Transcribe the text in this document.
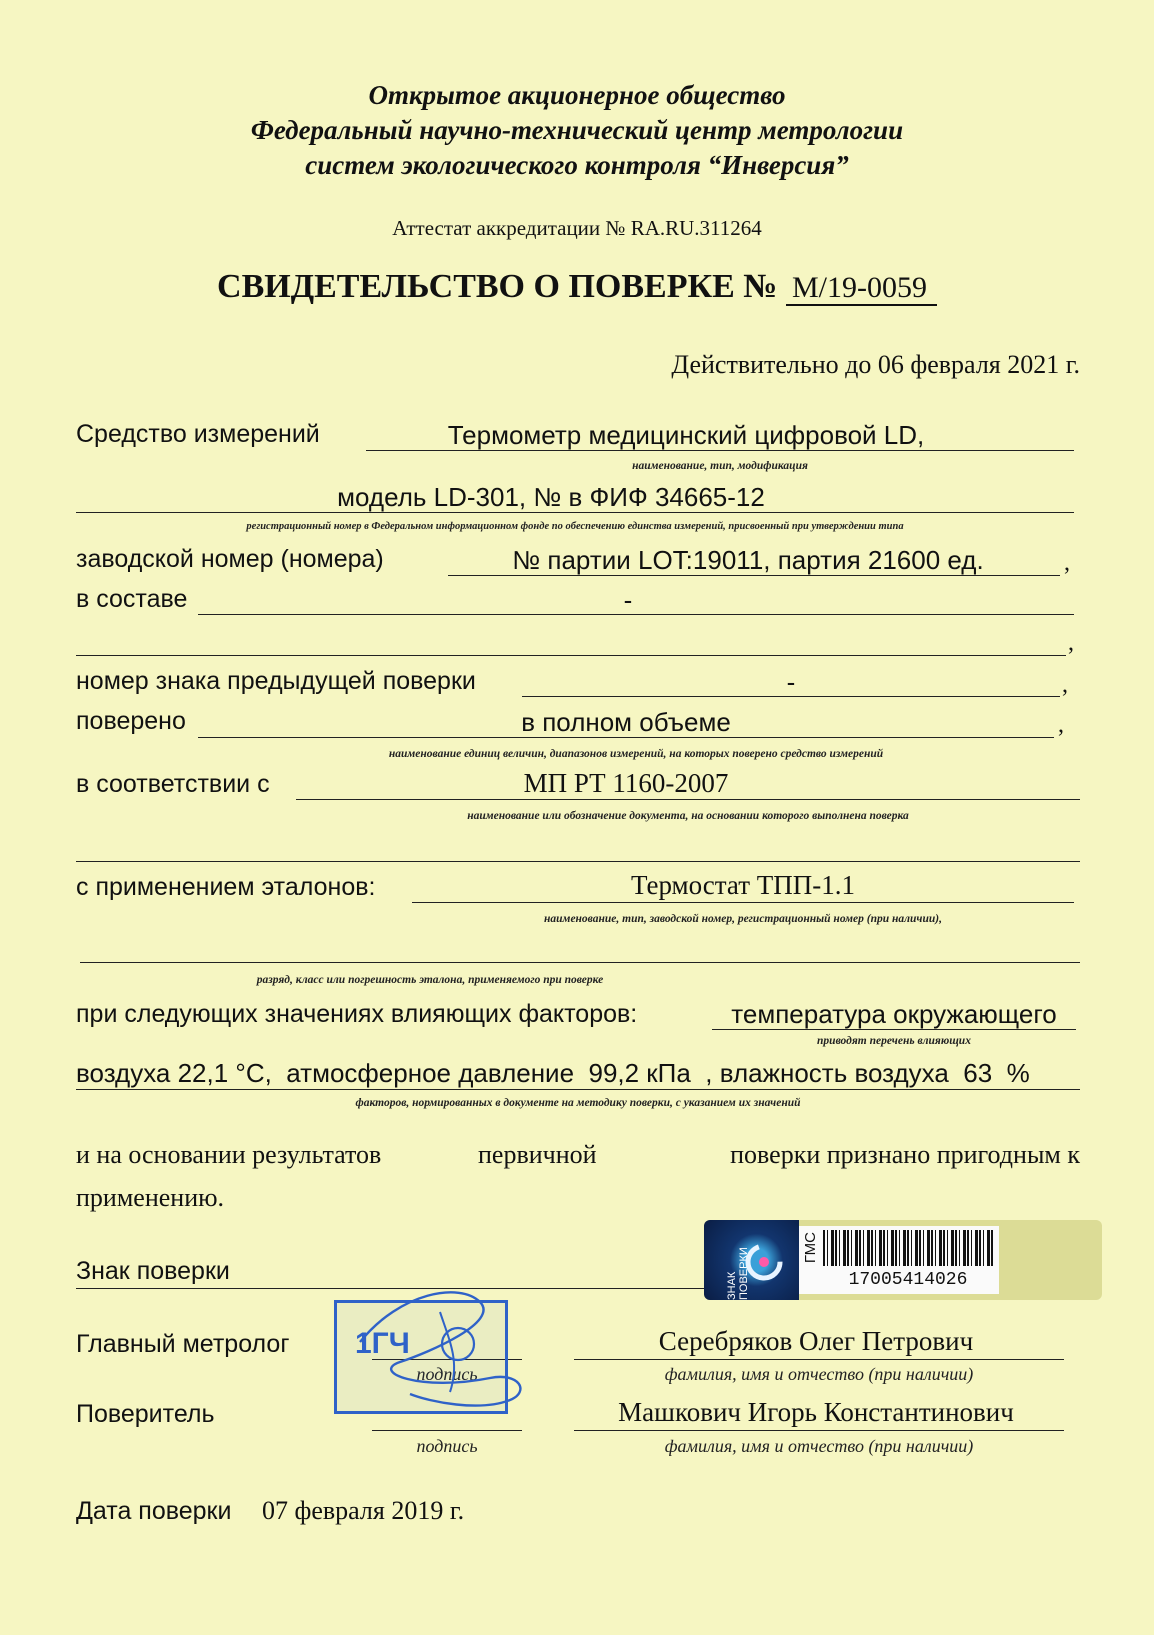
Открытое акционерное общество
Федеральный научно-технический центр метрологии
систем экологического контроля “Инверсия”
Аттестат аккредитации № RA.RU.311264
СВИДЕТЕЛЬСТВО О ПОВЕРКЕ № M/19-0059
Действительно до 06 февраля 2021 г.
Средство измерений	Термометр медицинский цифровой LD,
наименование, тип, модификация
модель LD-301, № в ФИФ 34665-12
регистрационный номер в Федеральном информационном фонде по обеспечению единства измерений, присвоенный при утверждении типа
заводской номер (номера)	№ партии LOT:19011, партия 21600 ед.	,
в составе	-
,
номер знака предыдущей поверки	-	,
поверено	в полном объеме	,
наименование единиц величин, диапазонов измерений, на которых поверено средство измерений
в соответствии с	МП РТ 1160-2007
наименование или обозначение документа, на основании которого выполнена поверка
с применением эталонов:	Термостат ТПП-1.1
наименование, тип, заводской номер, регистрационный номер (при наличии),
разряд, класс или погрешность эталона, применяемого при поверке
при следующих значениях влияющих факторов:	температура окружающего
приводят перечень влияющих
воздуха 22,1 °С,  атмосферное давление  99,2 кПа  , влажность воздуха  63  %
факторов, нормированных в документе на методику поверки, с указанием их значений
и на основании результатов	первичной	поверки признано пригодным к
применению.
Знак поверки
ЗНАК ПОВЕРКИ	ГМС
17005414026
Главный метролог
подпись
Серебряков Олег Петрович
фамилия, имя и отчество (при наличии)
1ГЧ
Поверитель
подпись
Машкович Игорь Константинович
фамилия, имя и отчество (при наличии)
Дата поверки 07 февраля 2019 г.
